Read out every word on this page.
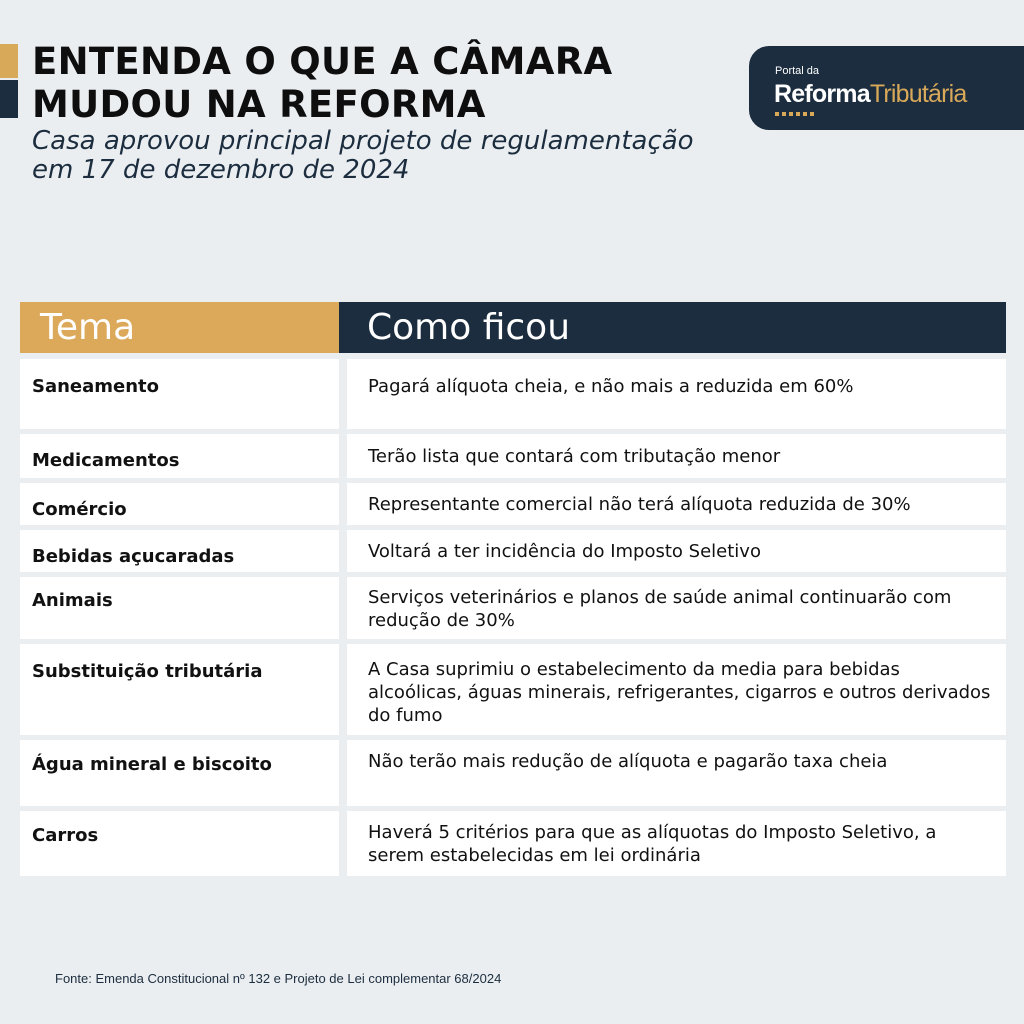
ENTENDA O QUE A CÂMARA
MUDOU NA REFORMA
Casa aprovou principal projeto de regulamentação
em 17 de dezembro de 2024
Portal da
ReformaTributária
Tema	Como ficou
Saneamento	Pagará alíquota cheia, e não mais a reduzida em 60%
Medicamentos	Terão lista que contará com tributação menor
Comércio	Representante comercial não terá alíquota reduzida de 30%
Bebidas açucaradas	Voltará a ter incidência do Imposto Seletivo
Animais	Serviços veterinários e planos de saúde animal continuarão com redução de 30%
Substituição tributária	A Casa suprimiu o estabelecimento da media para bebidas alcoólicas, águas minerais, refrigerantes, cigarros e outros derivados do fumo
Água mineral e biscoito	Não terão mais redução de alíquota e pagarão taxa cheia
Carros	Haverá 5 critérios para que as alíquotas do Imposto Seletivo, a serem estabelecidas em lei ordinária
Fonte: Emenda Constitucional nº 132 e Projeto de Lei complementar 68/2024
